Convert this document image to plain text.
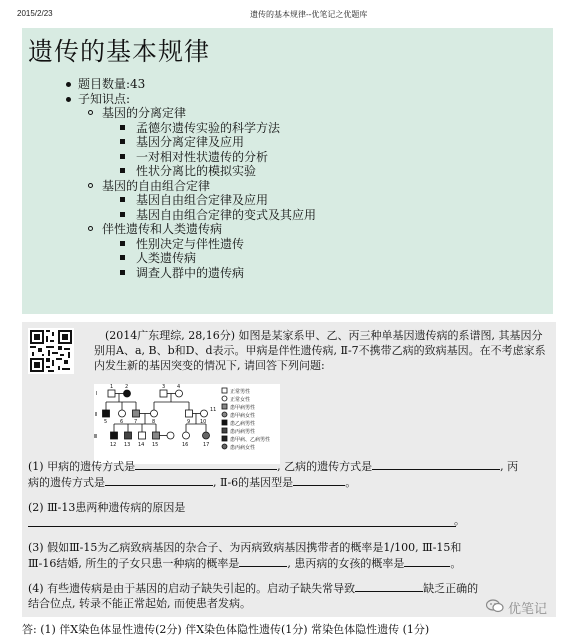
2015/2/23	遗传的基本规律--优笔记之优题库
遗传的基本规律
题目数量:43
子知识点:
基因的分离定律
孟德尔遗传实验的科学方法
基因分离定律及应用
一对相对性状遗传的分析
性状分离比的模拟实验
基因的自由组合定律
基因自由组合定律及应用
基因自由组合定律的变式及其应用
伴性遗传和人类遗传病
性别决定与伴性遗传
人类遗传病
调查人群中的遗传病
(2014广东理综, 28,16分) 如图是某家系甲、乙、丙三种单基因遗传病的系谱图, 其基因分别用A、a, B、b和D、d表示。甲病是伴性遗传病, Ⅱ-7不携带乙病的致病基因。在不考虑家系内发生新的基因突变的情况下, 请回答下列问题:
Ⅰ
Ⅱ
Ⅲ
1 2	3 4
5	6 7	8	9 10
11
12 13 14 15	16	17
正常男性
正常女性
患甲病男性
患甲病女性
患乙病男性
患丙病男性
患甲病、乙病男性
患丙病女性
(1) 甲病的遗传方式是	, 乙病的遗传方式是	, 丙
病的遗传方式是	, Ⅱ-6的基因型是	。
(2) Ⅲ-13患两种遗传病的原因是
。
(3) 假如Ⅲ-15为乙病致病基因的杂合子、为丙病致病基因携带者的概率是1/100, Ⅲ-15和
Ⅲ-16结婚, 所生的子女只患一种病的概率是	, 患丙病的女孩的概率是	。
(4) 有些遗传病是由于基因的启动子缺失引起的。启动子缺失常导致	缺乏正确的
结合位点, 转录不能正常起始, 而使患者发病。	优笔记
答: (1) 伴X染色体显性遗传(2分) 伴X染色体隐性遗传(1分) 常染色体隐性遗传 (1分)
